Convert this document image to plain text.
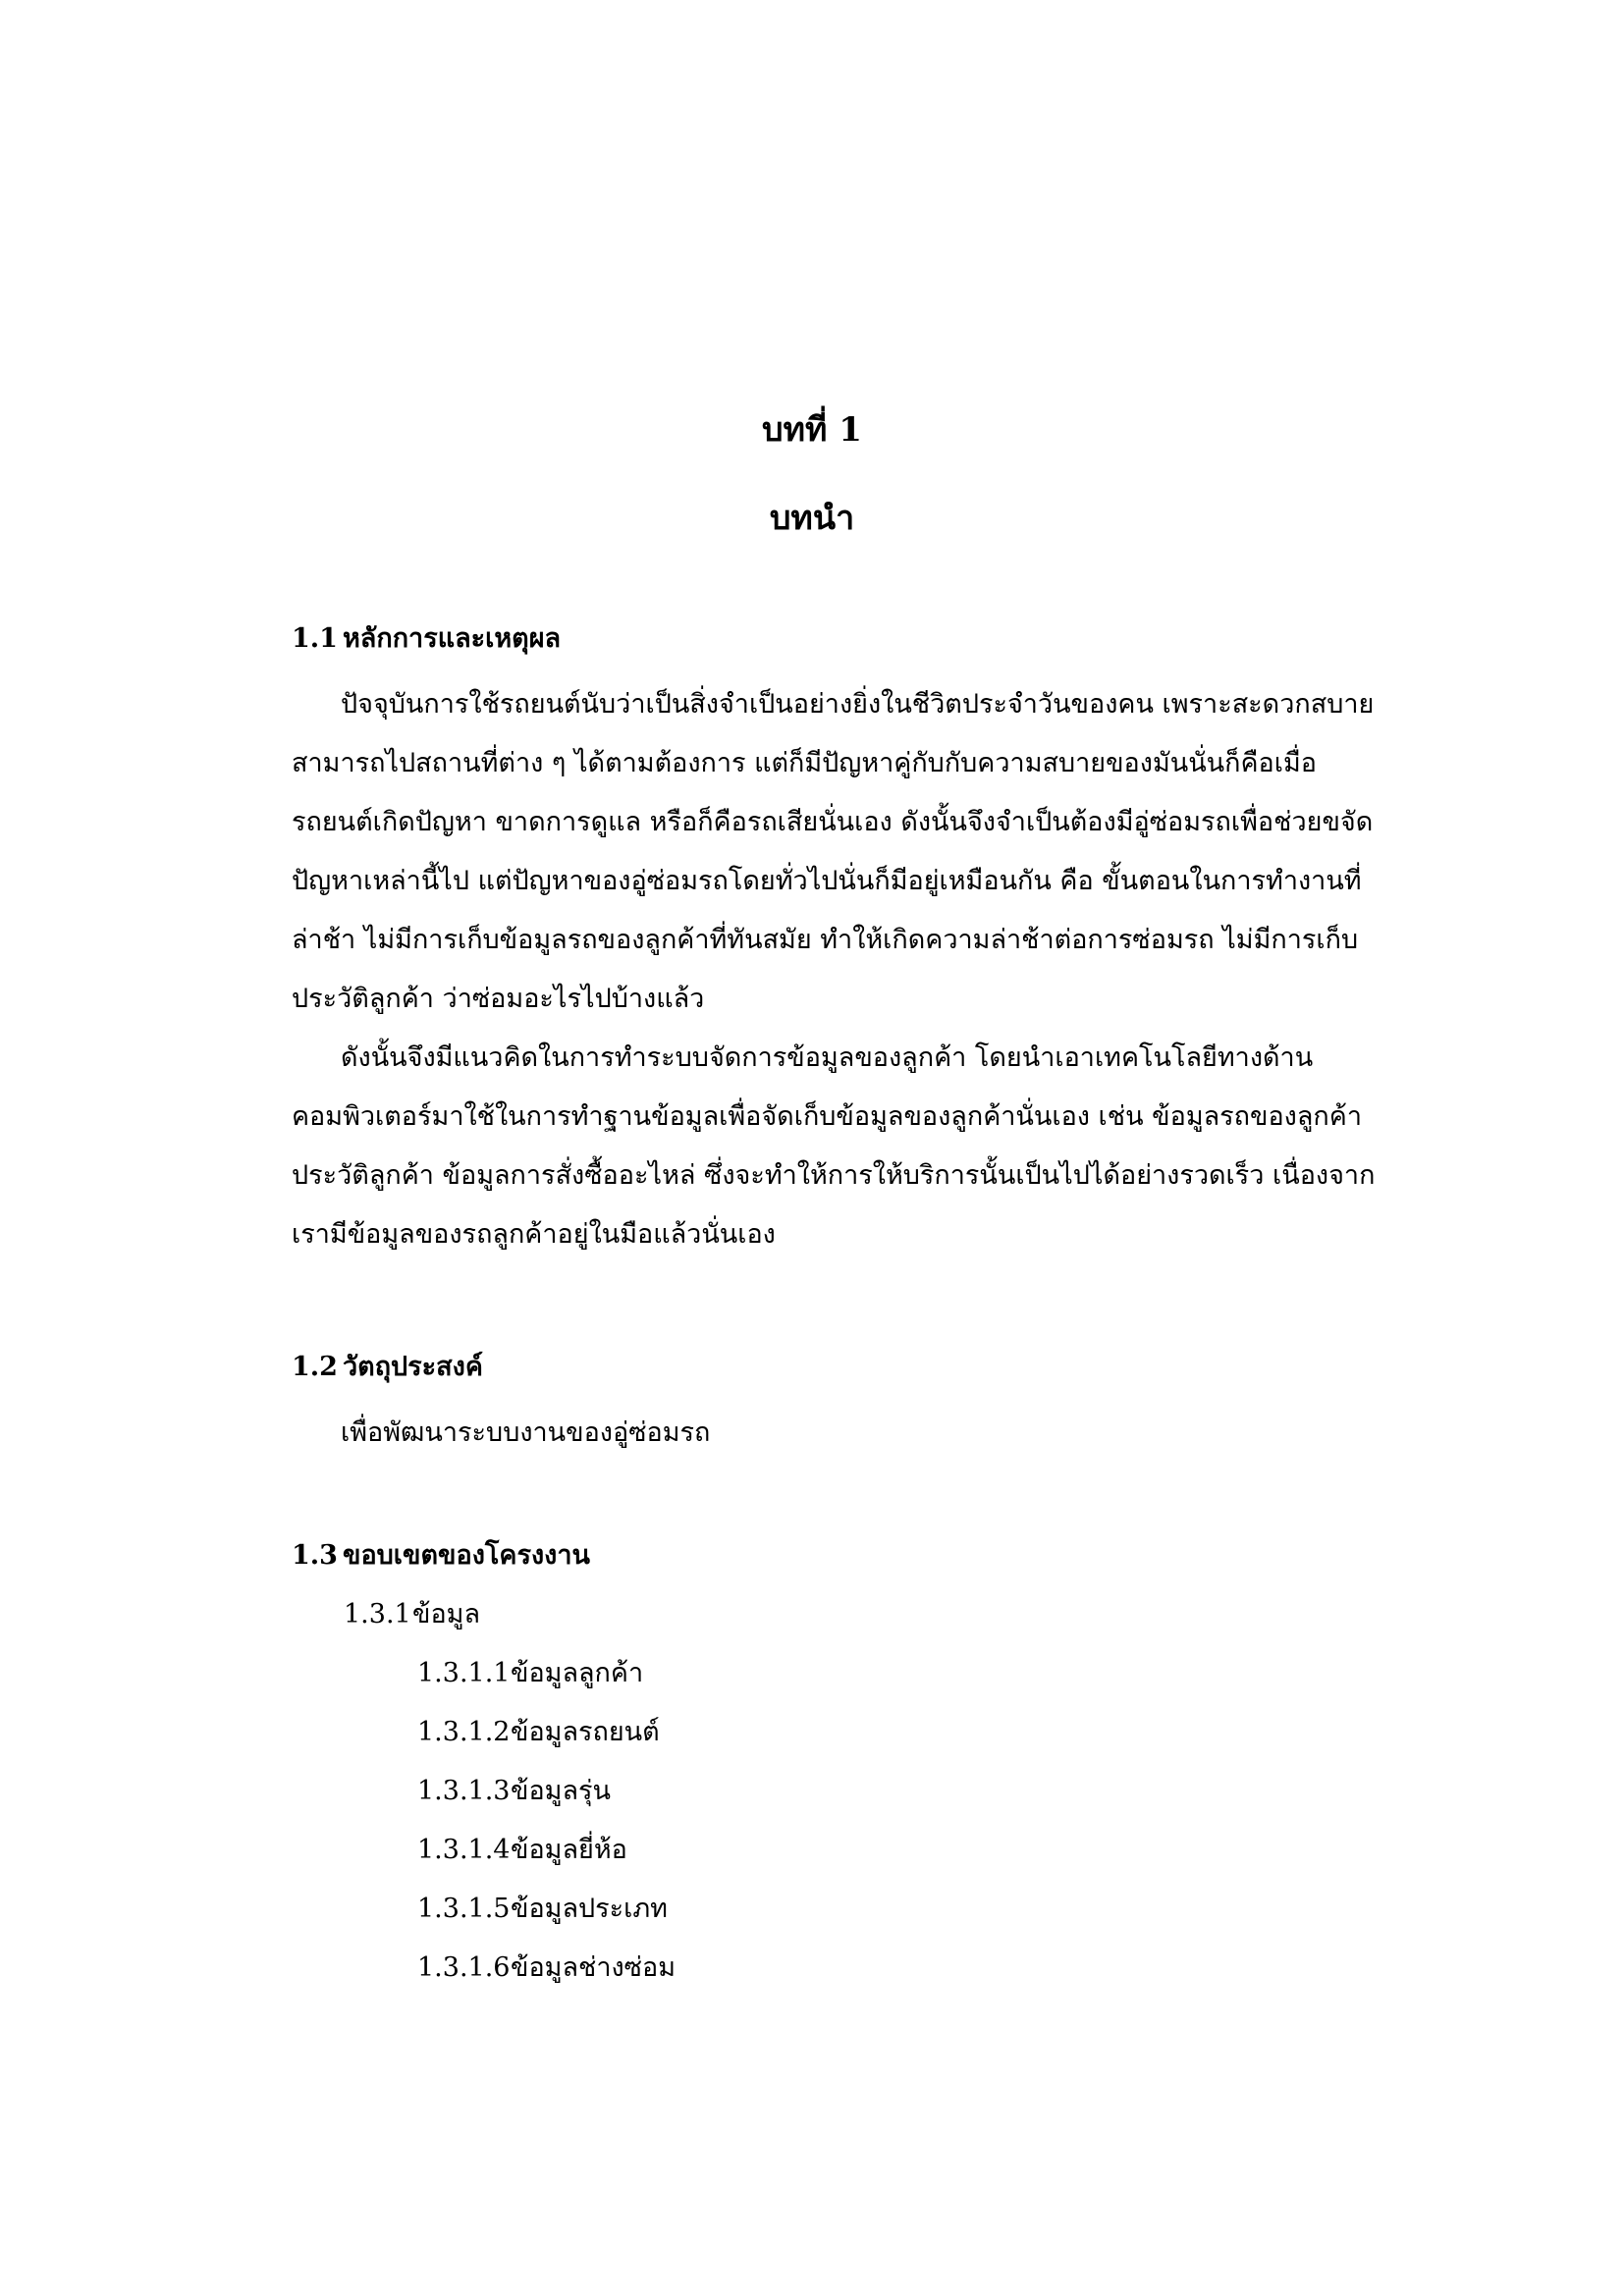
บทที่ 1
บทนำ
1.1 หลักการและเหตุผล
ปัจจุบันการใช้รถยนต์นับว่าเป็นสิ่งจำเป็นอย่างยิ่งในชีวิตประจำวันของคน เพราะสะดวกสบาย
สามารถไปสถานที่ต่าง ๆ ได้ตามต้องการ แต่ก็มีปัญหาคู่กับกับความสบายของมันนั่นก็คือเมื่อ
รถยนต์เกิดปัญหา ขาดการดูแล หรือก็คือรถเสียนั่นเอง ดังนั้นจึงจำเป็นต้องมีอู่ซ่อมรถเพื่อช่วยขจัด
ปัญหาเหล่านี้ไป แต่ปัญหาของอู่ซ่อมรถโดยทั่วไปนั่นก็มีอยู่เหมือนกัน คือ ขั้นตอนในการทำงานที่
ล่าช้า ไม่มีการเก็บข้อมูลรถของลูกค้าที่ทันสมัย ทำให้เกิดความล่าช้าต่อการซ่อมรถ ไม่มีการเก็บ
ประวัติลูกค้า ว่าซ่อมอะไรไปบ้างแล้ว
ดังนั้นจึงมีแนวคิดในการทำระบบจัดการข้อมูลของลูกค้า โดยนำเอาเทคโนโลยีทางด้าน
คอมพิวเตอร์มาใช้ในการทำฐานข้อมูลเพื่อจัดเก็บข้อมูลของลูกค้านั่นเอง เช่น ข้อมูลรถของลูกค้า
ประวัติลูกค้า ข้อมูลการสั่งซื้ออะไหล่ ซึ่งจะทำให้การให้บริการนั้นเป็นไปได้อย่างรวดเร็ว เนื่องจาก
เรามีข้อมูลของรถลูกค้าอยู่ในมือแล้วนั่นเอง
1.2 วัตถุประสงค์
เพื่อพัฒนาระบบงานของอู่ซ่อมรถ
1.3 ขอบเขตของโครงงาน
1.3.1ข้อมูล
1.3.1.1ข้อมูลลูกค้า
1.3.1.2ข้อมูลรถยนต์
1.3.1.3ข้อมูลรุ่น
1.3.1.4ข้อมูลยี่ห้อ
1.3.1.5ข้อมูลประเภท
1.3.1.6ข้อมูลช่างซ่อม
